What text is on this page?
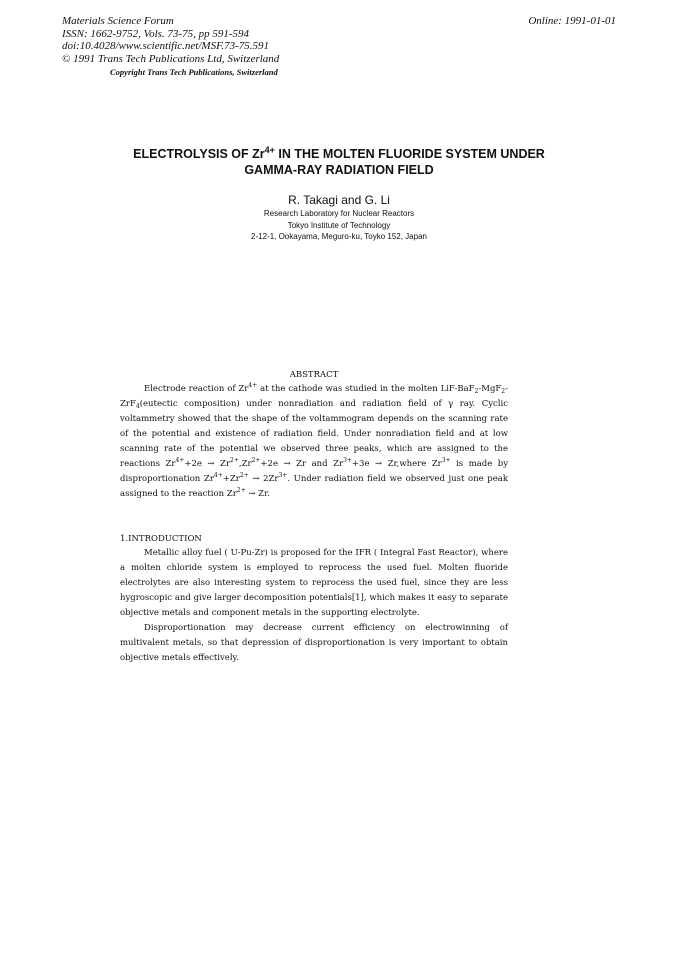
Materials Science Forum
ISSN: 1662-9752, Vols. 73-75, pp 591-594
doi:10.4028/www.scientific.net/MSF.73-75.591
© 1991 Trans Tech Publications Ltd, Switzerland
Online: 1991-01-01
Copyright Trans Tech Publications, Switzerland
ELECTROLYSIS OF $Zr^{4+}$ IN THE MOLTEN FLUORIDE SYSTEM UNDER
GAMMA-RAY RADIATION FIELD
R. Takagi and G. Li
Research Laboratory for Nuclear Reactors
Tokyo Institute of Technology
2-12-1, Ookayama, Meguro-ku, Toyko 152, Japan
ABSTRACT

Electrode reaction of $Zr^{4+}$ at the cathode was studied in the molten LiF-BaF$_2$-MgF$_2$-ZrF$_4$(eutectic composition) under nonradiation and radiation field of γ ray. Cyclic voltammetry showed that the shape of the voltammogram depends on the scanning rate of the potential and existence of radiation field. Under nonradiation field and at low scanning rate of the potential we observed three peaks, which are assigned to the reactions $Zr^{4+}+2e \to Zr^{2+},Zr^{2+}+2e \to Zr$ and $Zr^{3+}+3e$ → Zr,where $Zr^{3+}$ is made by disproportionation $Zr^{4+}+Zr^{2+} \to 2Zr^{3+}$. Under radiation field we observed just one peak assigned to the reaction $Zr^{2+} \to Zr$.

1.INTRODUCTION

Metallic alloy fuel ( U-Pu-Zr) is proposed for the IFR ( Integral Fast Reactor), where a molten chloride system is employed to reprocess the used fuel. Molten fluoride electrolytes are also interesting system to reprocess the used fuel, since they are less hygroscopic and give larger decomposition potentials[1], which makes it easy to separate objective metals and component metals in the supporting electrolyte.

Disproportionation may decrease current efficiency on electrowinning of multivalent metals, so that depression of disproportionation is very important to obtain objective metals effectively.
